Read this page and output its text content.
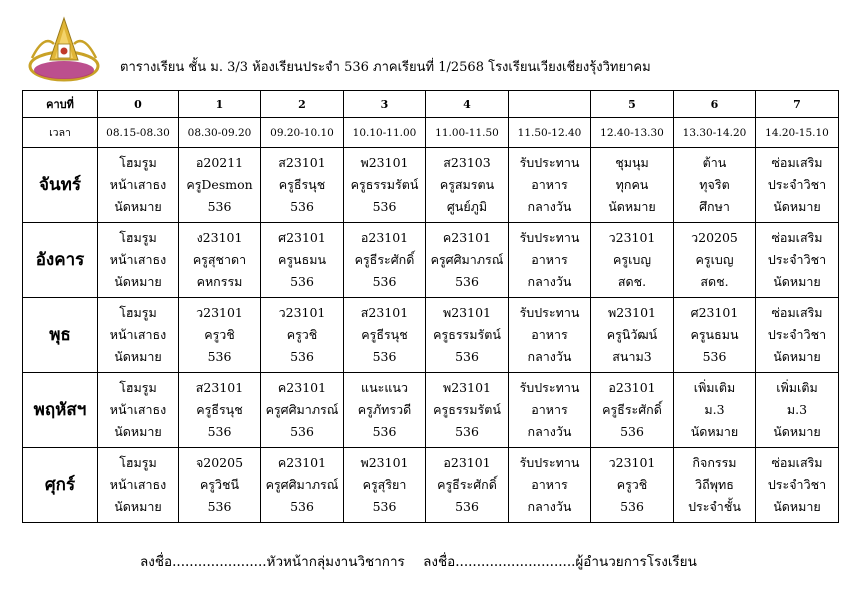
ตารางเรียน ชั้น ม. 3/3 ห้องเรียนประจำ 536 ภาคเรียนที่ 1/2568 โรงเรียนเวียงเชียงรุ้งวิทยาคม
คาบที่	0	1	2	3	4		5	6	7
เวลา	08.15-08.30	08.30-09.20	09.20-10.10	10.10-11.00	11.00-11.50	11.50-12.40	12.40-13.30	13.30-14.20	14.20-15.10
จันทร์	โฮมรูม
หน้าเสาธง
นัดหมาย	อ20211
ครูDesmon
536	ส23101
ครูธีรนุช
536	พ23101
ครูธรรมรัตน์
536	ส23103
ครูสมรตน
ศูนย์ภูมิ	รับประทาน
อาหาร
กลางวัน	ชุมนุม
ทุกคน
นัดหมาย	ต้าน
ทุจริต
ศึกษา	ซ่อมเสริม
ประจำวิชา
นัดหมาย

อังคาร	โฮมรูม
หน้าเสาธง
นัดหมาย	ง23101
ครูสุชาดา
คหกรรม	ศ23101
ครูนธมน
536	อ23101
ครูธีระศักดิ์
536	ค23101
ครูศศิมาภรณ์
536	รับประทาน
อาหาร
กลางวัน	ว23101
ครูเบญ
สดช.	ว20205
ครูเบญ
สดช.	ซ่อมเสริม
ประจำวิชา
นัดหมาย

พุธ	โฮมรูม
หน้าเสาธง
นัดหมาย	ว23101
ครูวชิ
536	ว23101
ครูวชิ
536	ส23101
ครูธีรนุช
536	พ23101
ครูธรรมรัตน์
536	รับประทาน
อาหาร
กลางวัน	พ23101
ครูนิวัฒน์
สนาม3	ศ23101
ครูนธมน
536	ซ่อมเสริม
ประจำวิชา
นัดหมาย

พฤหัสฯ	โฮมรูม
หน้าเสาธง
นัดหมาย	ส23101
ครูธีรนุช
536	ค23101
ครูศศิมาภรณ์
536	แนะแนว
ครูภัทรวดี
536	พ23101
ครูธรรมรัตน์
536	รับประทาน
อาหาร
กลางวัน	อ23101
ครูธีระศักดิ์
536	เพิ่มเติม
ม.3
นัดหมาย	เพิ่มเติม
ม.3
นัดหมาย

ศุกร์	โฮมรูม
หน้าเสาธง
นัดหมาย	จ20205
ครูวิชนี
536	ค23101
ครูศศิมาภรณ์
536	พ23101
ครูสุริยา
536	อ23101
ครูธีระศักดิ์
536	รับประทาน
อาหาร
กลางวัน	ว23101
ครูวชิ
536	กิจกรรม
วิถีพุทธ
ประจำชั้น	ซ่อมเสริม
ประจำวิชา
นัดหมาย
ลงชื่อ......................หัวหน้ากลุ่มงานวิชาการ ลงชื่อ............................ผู้อำนวยการโรงเรียน
